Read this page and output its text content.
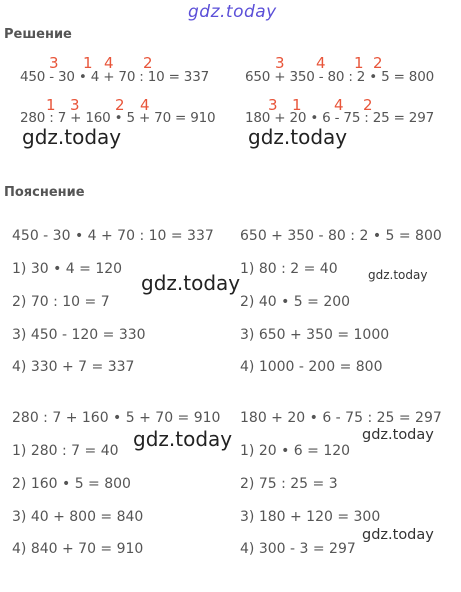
gdz.today
Решение
3 1 4 2	3 4 1 2
450 - 30 • 4 + 70 : 10 = 337	650 + 350 - 80 : 2 • 5 = 800
1 3 2 4	3 1 4 2
280 : 7 + 160 • 5 + 70 = 910 180 + 20 • 6 - 75 : 25 = 297
gdz.today	gdz.today
Пояснение
450 - 30 • 4 + 70 : 10 = 337
1) 30 • 4 = 120
2) 70 : 10 = 7
3) 450 - 120 = 330
4) 330 + 7 = 337
650 + 350 - 80 : 2 • 5 = 800
1) 80 : 2 = 40
2) 40 • 5 = 200
3) 650 + 350 = 1000
4) 1000 - 200 = 800
gdz.today	gdz.today
280 : 7 + 160 • 5 + 70 = 910
1) 280 : 7 = 40
2) 160 • 5 = 800
3) 40 + 800 = 840
4) 840 + 70 = 910
180 + 20 • 6 - 75 : 25 = 297
1) 20 • 6 = 120
2) 75 : 25 = 3
3) 180 + 120 = 300
4) 300 - 3 = 297
gdz.today	gdz.today
gdz.today
